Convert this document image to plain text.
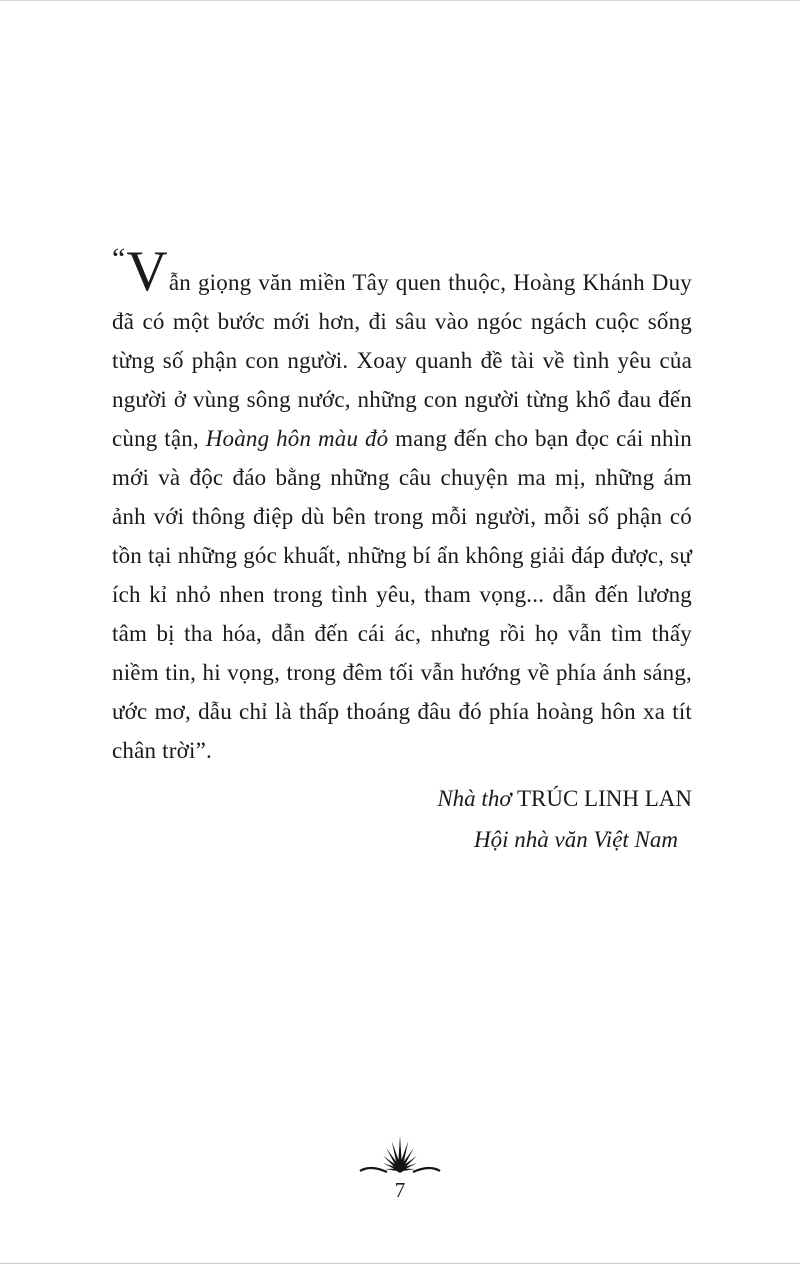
“Vẫn giọng văn miền Tây quen thuộc, Hoàng Khánh Duy đã có một bước mới hơn, đi sâu vào ngóc ngách cuộc sống từng số phận con người. Xoay quanh đề tài về tình yêu của người ở vùng sông nước, những con người từng khổ đau đến cùng tận, Hoàng hôn màu đỏ mang đến cho bạn đọc cái nhìn mới và độc đáo bằng những câu chuyện ma mị, những ám ảnh với thông điệp dù bên trong mỗi người, mỗi số phận có tồn tại những góc khuất, những bí ẩn không giải đáp được, sự ích kỉ nhỏ nhen trong tình yêu, tham vọng... dẫn đến lương tâm bị tha hóa, dẫn đến cái ác, nhưng rồi họ vẫn tìm thấy niềm tin, hi vọng, trong đêm tối vẫn hướng về phía ánh sáng, ước mơ, dẫu chỉ là thấp thoáng đâu đó phía hoàng hôn xa tít chân trời”.

Nhà thơ TRÚC LINH LAN
Hội nhà văn Việt Nam
7
